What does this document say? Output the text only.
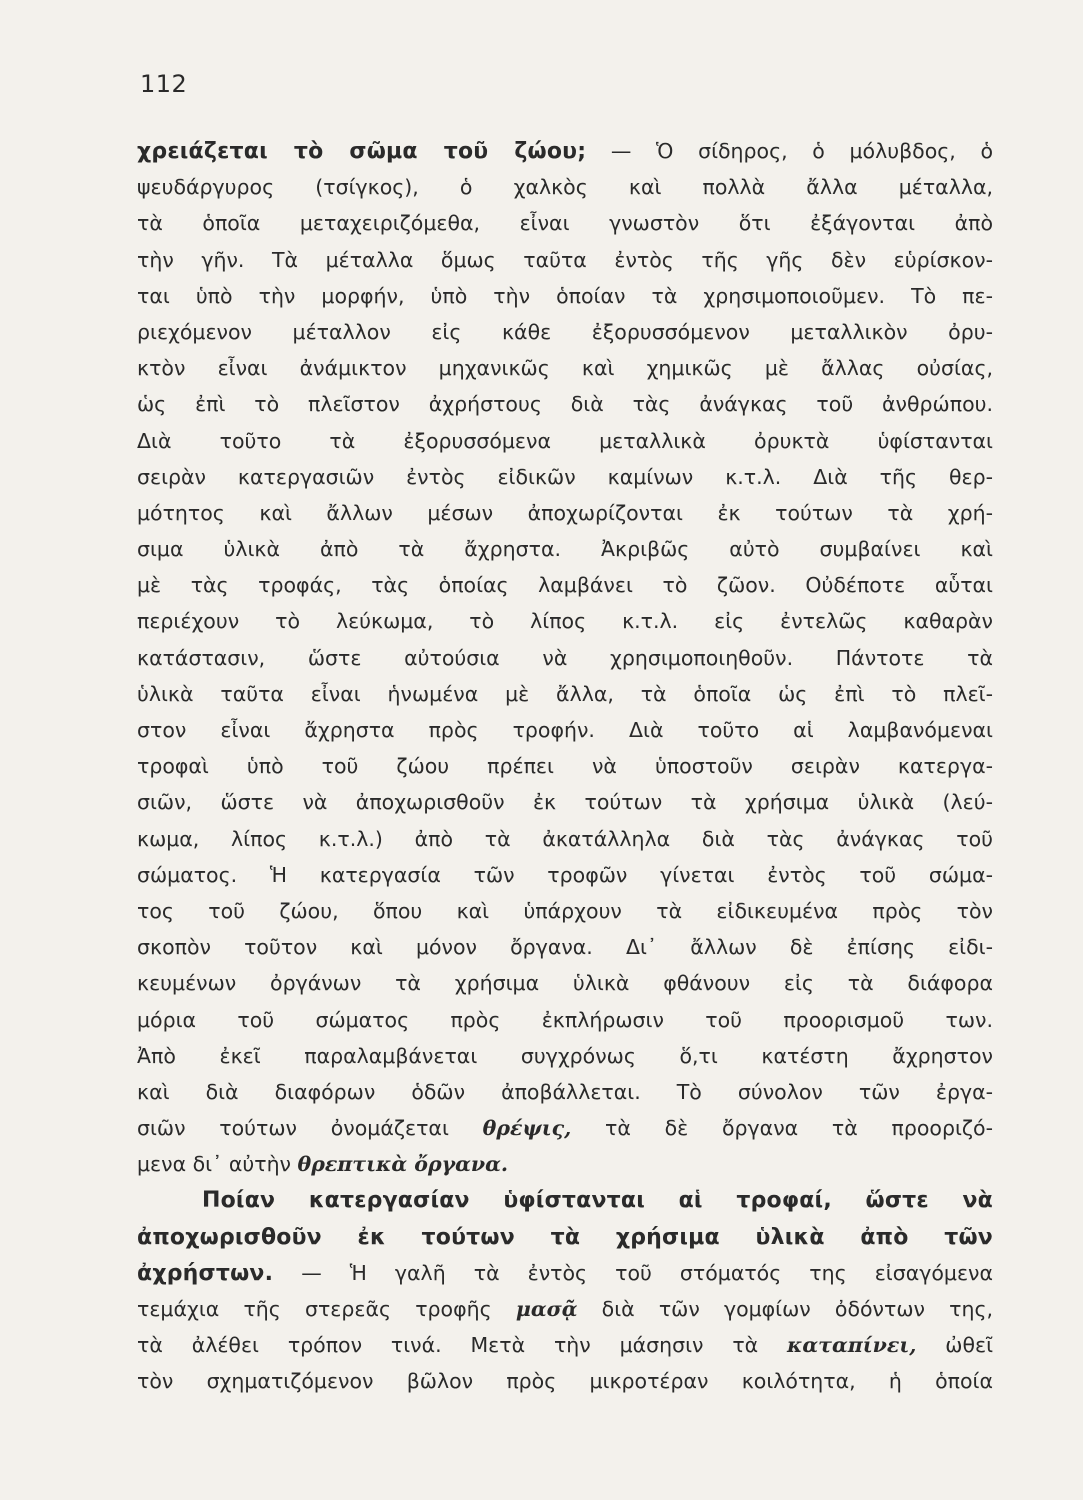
112
χρειάζεται τὸ σῶμα τοῦ ζώου; — Ὁ σίδηρος, ὁ μόλυβδος, ὁ
ψευδάργυρος (τσίγκος), ὁ χαλκὸς καὶ πολλὰ ἄλλα μέταλλα,
τὰ ὁποῖα μεταχειριζόμεθα, εἶναι γνωστὸν ὅτι ἐξάγονται ἀπὸ
τὴν γῆν. Τὰ μέταλλα ὅμως ταῦτα ἐντὸς τῆς γῆς δὲν εὑρίσκον-
ται ὑπὸ τὴν μορφήν, ὑπὸ τὴν ὁποίαν τὰ χρησιμοποιοῦμεν. Τὸ πε-
ριεχόμενον μέταλλον εἰς κάθε ἐξορυσσόμενον μεταλλικὸν ὀρυ-
κτὸν εἶναι ἀνάμικτον μηχανικῶς καὶ χημικῶς μὲ ἄλλας οὐσίας,
ὡς ἐπὶ τὸ πλεῖστον ἀχρήστους διὰ τὰς ἀνάγκας τοῦ ἀνθρώπου.
Διὰ τοῦτο τὰ ἐξορυσσόμενα μεταλλικὰ ὀρυκτὰ ὑφίστανται
σειρὰν κατεργασιῶν ἐντὸς εἰδικῶν καμίνων κ.τ.λ. Διὰ τῆς θερ-
μότητος καὶ ἄλλων μέσων ἀποχωρίζονται ἐκ τούτων τὰ χρή-
σιμα ὑλικὰ ἀπὸ τὰ ἄχρηστα. Ἀκριβῶς αὐτὸ συμβαίνει καὶ
μὲ τὰς τροφάς, τὰς ὁποίας λαμβάνει τὸ ζῶον. Οὐδέποτε αὗται
περιέχουν τὸ λεύκωμα, τὸ λίπος κ.τ.λ. εἰς ἐντελῶς καθαρὰν
κατάστασιν, ὥστε αὐτούσια νὰ χρησιμοποιηθοῦν. Πάντοτε τὰ
ὑλικὰ ταῦτα εἶναι ἡνωμένα μὲ ἄλλα, τὰ ὁποῖα ὡς ἐπὶ τὸ πλεῖ-
στον εἶναι ἄχρηστα πρὸς τροφήν. Διὰ τοῦτο αἱ λαμβανόμεναι
τροφαὶ ὑπὸ τοῦ ζώου πρέπει νὰ ὑποστοῦν σειρὰν κατεργα-
σιῶν, ὥστε νὰ ἀποχωρισθοῦν ἐκ τούτων τὰ χρήσιμα ὑλικὰ (λεύ-
κωμα, λίπος κ.τ.λ.) ἀπὸ τὰ ἀκατάλληλα διὰ τὰς ἀνάγκας τοῦ
σώματος. Ἡ κατεργασία τῶν τροφῶν γίνεται ἐντὸς τοῦ σώμα-
τος τοῦ ζώου, ὅπου καὶ ὑπάρχουν τὰ εἰδικευμένα πρὸς τὸν
σκοπὸν τοῦτον καὶ μόνον ὄργανα. Δι᾿ ἄλλων δὲ ἐπίσης εἰδι-
κευμένων ὀργάνων τὰ χρήσιμα ὑλικὰ φθάνουν εἰς τὰ διάφορα
μόρια τοῦ σώματος πρὸς ἐκπλήρωσιν τοῦ προορισμοῦ των.
Ἀπὸ ἐκεῖ παραλαμβάνεται συγχρόνως ὅ,τι κατέστη ἄχρηστον
καὶ διὰ διαφόρων ὁδῶν ἀποβάλλεται. Τὸ σύνολον τῶν ἐργα-
σιῶν τούτων ὀνομάζεται θρέψις, τὰ δὲ ὄργανα τὰ προοριζό-
μενα δι᾿ αὐτὴν θρεπτικὰ ὄργανα.
Ποίαν κατεργασίαν ὑφίστανται αἱ τροφαί, ὥστε νὰ
ἀποχωρισθοῦν ἐκ τούτων τὰ χρήσιμα ὑλικὰ ἀπὸ τῶν
ἀχρήστων. — Ἡ γαλῆ τὰ ἐντὸς τοῦ στόματός της εἰσαγόμενα
τεμάχια τῆς στερεᾶς τροφῆς μασᾷ διὰ τῶν γομφίων ὀδόντων της,
τὰ ἀλέθει τρόπον τινά. Μετὰ τὴν μάσησιν τὰ καταπίνει, ὠθεῖ
τὸν σχηματιζόμενον βῶλον πρὸς μικροτέραν κοιλότητα, ἡ ὁποία
